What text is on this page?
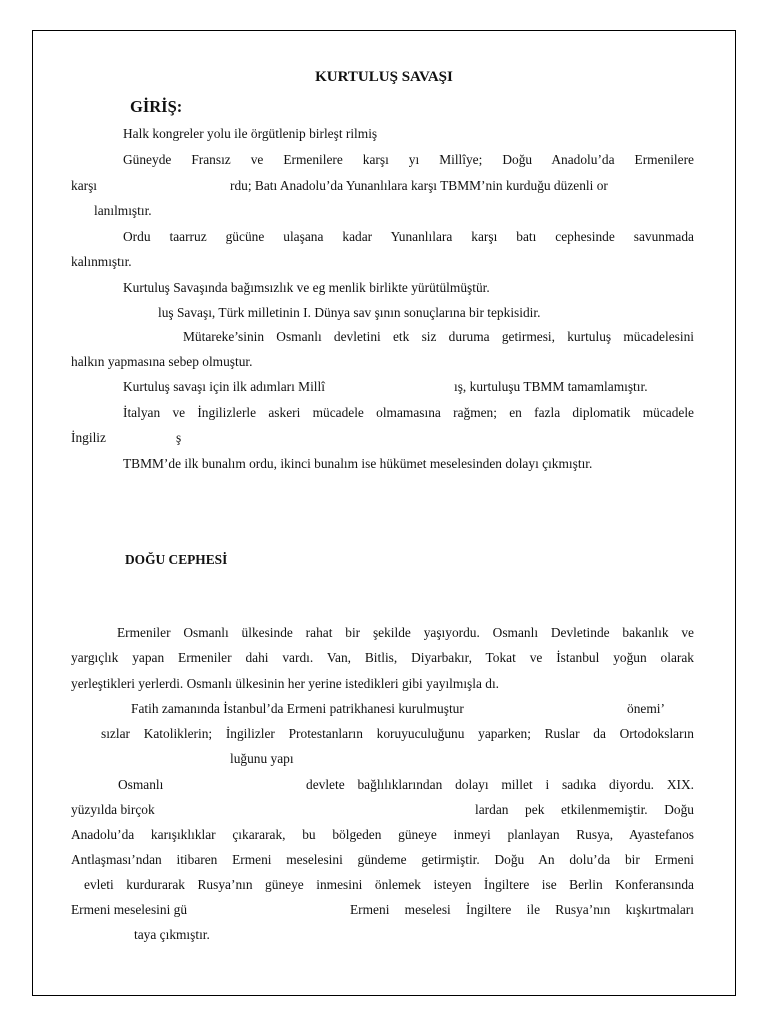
KURTULUŞ SAVAŞI
GİRİŞ:
Halk kongreler yolu ile örgütlenip birleşt rilmiş
Güneyde Fransız ve Ermenilere karşı yı Millîye; Doğu Anadolu’da Ermenilere
karşı	rdu; Batı Anadolu’da Yunanlılara karşı TBMM’nin kurduğu düzenli or
lanılmıştır.
Ordu taarruz gücüne ulaşana kadar Yunanlılara karşı batı cephesinde savunmada
kalınmıştır.
Kurtuluş Savaşında bağımsızlık ve eg menlik birlikte yürütülmüştür.
luş Savaşı, Türk milletinin I. Dünya sav şının sonuçlarına bir tepkisidir.
Mütareke’sinin Osmanlı devletini etk siz duruma getirmesi, kurtuluş mücadelesini
halkın yapmasına sebep olmuştur.
Kurtuluş savaşı için ilk adımları Millî	ış, kurtuluşu TBMM tamamlamıştır.
İtalyan ve İngilizlerle askeri mücadele olmamasına rağmen; en fazla diplomatik mücadele
İngiliz	ş
TBMM’de ilk bunalım ordu, ikinci bunalım ise hükümet meselesinden dolayı çıkmıştır.
DOĞU CEPHESİ
Ermeniler Osmanlı ülkesinde rahat bir şekilde yaşıyordu. Osmanlı Devletinde bakanlık ve
yargıçlık yapan Ermeniler dahi vardı. Van, Bitlis, Diyarbakır, Tokat ve İstanbul yoğun olarak
yerleştikleri yerlerdi. Osmanlı ülkesinin her yerine istedikleri gibi yayılmışla dı.
Fatih zamanında İstanbul’da Ermeni patrikhanesi kurulmuştur	önemi’
sızlar Katoliklerin; İngilizler Protestanların koruyuculuğunu yaparken; Ruslar da Ortodoksların
luğunu yapı
Osmanlı	devlete bağlılıklarından dolayı millet i sadıka diyordu. XIX.
yüzyılda birçok	lardan pek etkilenmemiştir. Doğu
Anadolu’da karışıklıklar çıkararak, bu bölgeden güneye inmeyi planlayan Rusya, Ayastefanos
Antlaşması’ndan itibaren Ermeni meselesini gündeme getirmiştir. Doğu An dolu’da bir Ermeni
evleti kurdurarak Rusya’nın güneye inmesini önlemek isteyen İngiltere ise Berlin Konferansında
Ermeni meselesini gü	Ermeni meselesi İngiltere ile Rusya’nın kışkırtmaları
taya çıkmıştır.
